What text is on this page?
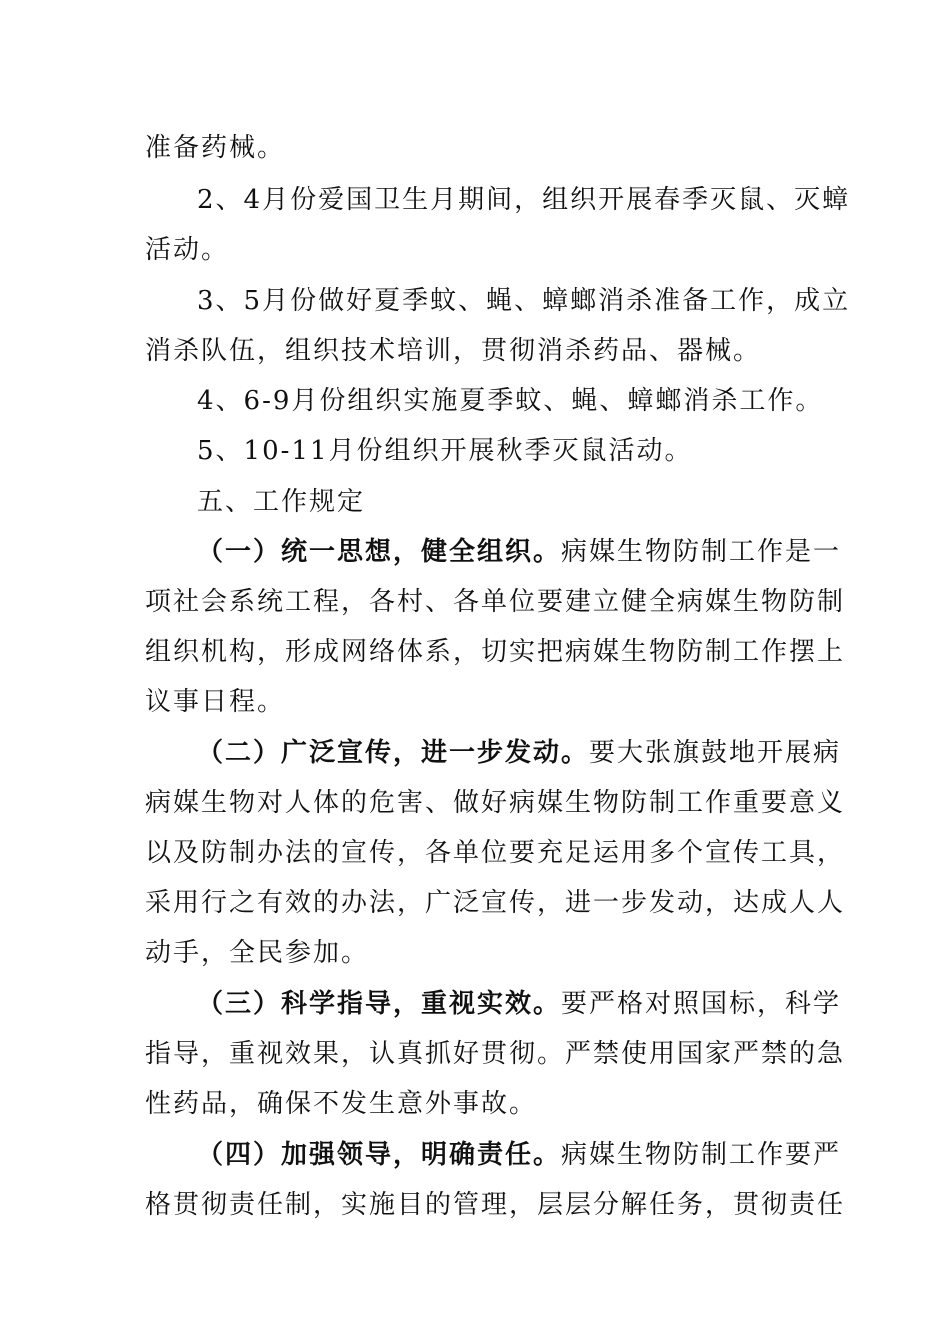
准备药械。
2、4月份爱国卫生月期间，组织开展春季灭鼠、灭蟑
活动。
3、5月份做好夏季蚊、蝇、蟑螂消杀准备工作，成立
消杀队伍，组织技术培训，贯彻消杀药品、器械。
4、6-9月份组织实施夏季蚊、蝇、蟑螂消杀工作。
5、10-11月份组织开展秋季灭鼠活动。
五、工作规定
（一）统一思想，健全组织。病媒生物防制工作是一
项社会系统工程，各村、各单位要建立健全病媒生物防制
组织机构，形成网络体系，切实把病媒生物防制工作摆上
议事日程。
（二）广泛宣传，进一步发动。要大张旗鼓地开展病
病媒生物对人体的危害、做好病媒生物防制工作重要意义
以及防制办法的宣传，各单位要充足运用多个宣传工具，
采用行之有效的办法，广泛宣传，进一步发动，达成人人
动手，全民参加。
（三）科学指导，重视实效。要严格对照国标，科学
指导，重视效果，认真抓好贯彻。严禁使用国家严禁的急
性药品，确保不发生意外事故。
（四）加强领导，明确责任。病媒生物防制工作要严
格贯彻责任制，实施目的管理，层层分解任务，贯彻责任
